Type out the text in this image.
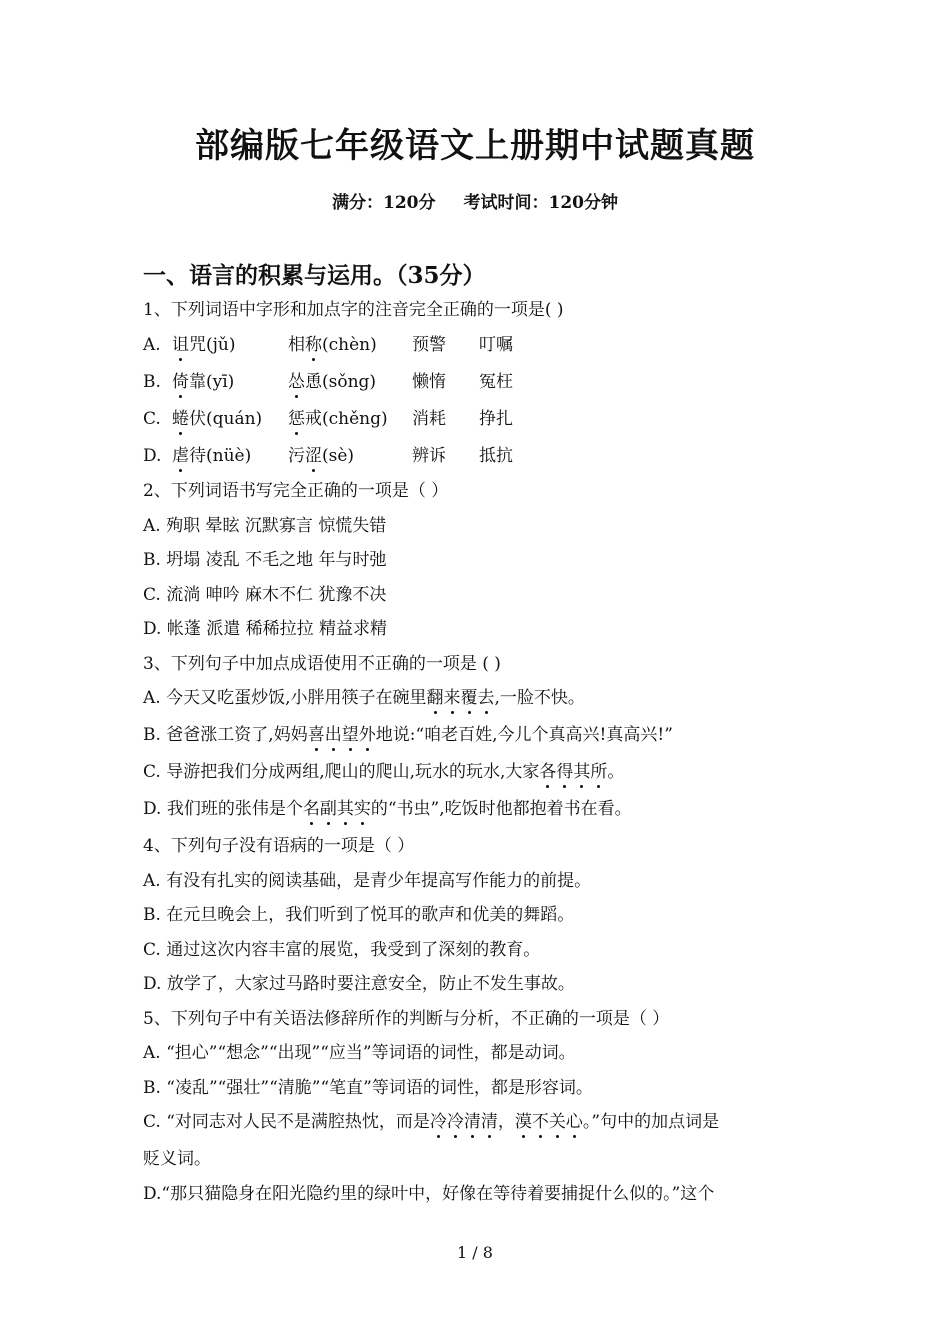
部编版七年级语文上册期中试题真题
满分：120分 考试时间：120分钟
一、语言的积累与运用。（35分）
1、下列词语中字形和加点字的注音完全正确的一项是( )
A. 诅咒(jǔ)	相称(chèn) 预警 叮嘱
B. 倚靠(yī)	怂恿(sǒng) 懒惰 冤枉
C. 蜷伏(quán) 惩戒(chěng) 消耗 挣扎
D. 虐待(nüè) 污涩(sè)	辨诉 抵抗
2、下列词语书写完全正确的一项是（ ）
A. 殉职 晕眩 沉默寡言 惊慌失错
B. 坍塌 凌乱 不毛之地 年与时弛
C. 流淌 呻吟 麻木不仁 犹豫不决
D. 帐蓬 派遣 稀稀拉拉 精益求精
3、下列句子中加点成语使用不正确的一项是 ( )
A. 今天又吃蛋炒饭,小胖用筷子在碗里翻来覆去,一脸不快。
B. 爸爸涨工资了,妈妈喜出望外地说:“咱老百姓,今儿个真高兴!真高兴!”
C. 导游把我们分成两组,爬山的爬山,玩水的玩水,大家各得其所。
D. 我们班的张伟是个名副其实的“书虫”,吃饭时他都抱着书在看。
4、下列句子没有语病的一项是（ ）
A. 有没有扎实的阅读基础，是青少年提高写作能力的前提。
B. 在元旦晚会上，我们听到了悦耳的歌声和优美的舞蹈。
C. 通过这次内容丰富的展览，我受到了深刻的教育。
D. 放学了，大家过马路时要注意安全，防止不发生事故。
5、下列句子中有关语法修辞所作的判断与分析，不正确的一项是（ ）
A. “担心”“想念”“出现”“应当”等词语的词性，都是动词。
B. “凌乱”“强壮”“清脆”“笔直”等词语的词性，都是形容词。
C. “对同志对人民不是满腔热忱，而是冷冷清清，漠不关心。”句中的加点词是
贬义词。
D.“那只猫隐身在阳光隐约里的绿叶中，好像在等待着要捕捉什么似的。”这个
1 / 8
